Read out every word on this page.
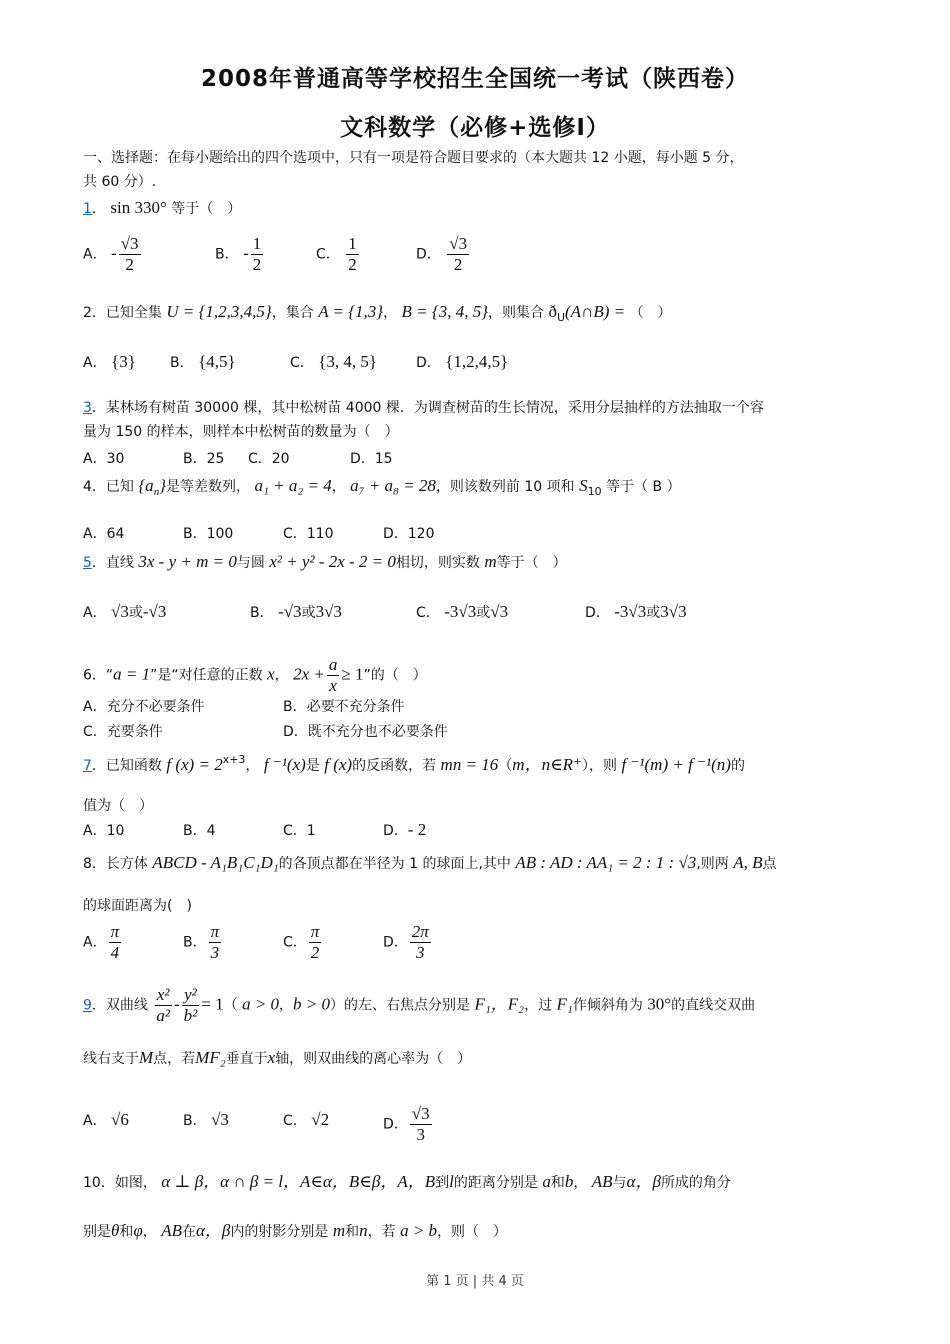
2008年普通高等学校招生全国统一考试（陕西卷）
文科数学（必修+选修Ⅰ）
一、选择题：在每小题给出的四个选项中，只有一项是符合题目要求的（本大题共 12 小题，每小题 5 分，
共 60 分）.
1． sin 330° 等于（　）
A． - $\frac{√3}{2}$	B． - $\frac{1}{2}$	C． $\frac{1}{2}$	D． $\frac{√3}{2}$
2．已知全集 U = {1,2,3,4,5}，集合 A = {1,3}， B = {3, 4, 5}，则集合 $ð_U(A\cap B)$ = （　）
A． {3} B． {4,5}	C． {3, 4, 5}	D． {1,2,4,5}
3．某林场有树苗 30000 棵，其中松树苗 4000 棵．为调查树苗的生长情况，采用分层抽样的方法抽取一个容
量为 150 的样本，则样本中松树苗的数量为（　）
A．30	B．25 C．20	D．15
4．已知 $\{a_n\}$是等差数列， a₁ + a₂ = 4， a₇ + a₈ = 28，则该数列前 10 项和 $S_{10}$ 等于（ B ）
A．64	B．100	C．110	D．120
5．直线 3x - y + m = 0与圆 x² + y² - 2x - 2 = 0相切，则实数 m等于（　）
A． √3或-√3	B． -√3或3√3	C． -3√3或√3	D． -3√3或3√3
6．“a = 1”是“对任意的正数 x， $2x + \frac{a}{x} \ge 1$”的（　）
A．充分不必要条件	B．必要不充分条件
C．充要条件	D．既不充分也不必要条件
7．已知函数 f $(x) = 2^{x+3}$， f ⁻¹(x)是 f (x)的反函数，若 mn = 16（m，n∈R⁺），则 f ⁻¹(m) + f ⁻¹(n)的
值为（　）
A．10	B．4	C．1	D．- 2
8．长方体 ABCD - A₁B₁C₁D₁的各顶点都在半径为 1 的球面上,其中 AB : AD : AA₁ = 2 : 1 : √3,则两 A, B点
的球面距离为(　)
A． $\frac{\pi}{4}$	B． $\frac{\pi}{3}$	C． $\frac{\pi}{2}$	D． $\frac{2\pi}{3}$
9．双曲线 $\frac{\text{x²}}{\text{a²}} - \frac{\text{y²}}{\text{b²}} = 1$（ a > 0，b > 0）的左、右焦点分别是 F₁，F₂，过 F₁作倾斜角为 30°的直线交双曲
线右支于M点，若MF₂垂直于x轴，则双曲线的离心率为（　）
A． √6	B． √3	C． √2	D． $\frac{√3}{3}$
10．如图， α ⊥ β，α ∩ β = l，A∈α，B∈β，A，B到l的距离分别是 a和b， AB与α，β所成的角分
别是θ和φ， AB在α，β内的射影分别是 m和n，若 a > b，则（　）
第 1 页 | 共 4 页
